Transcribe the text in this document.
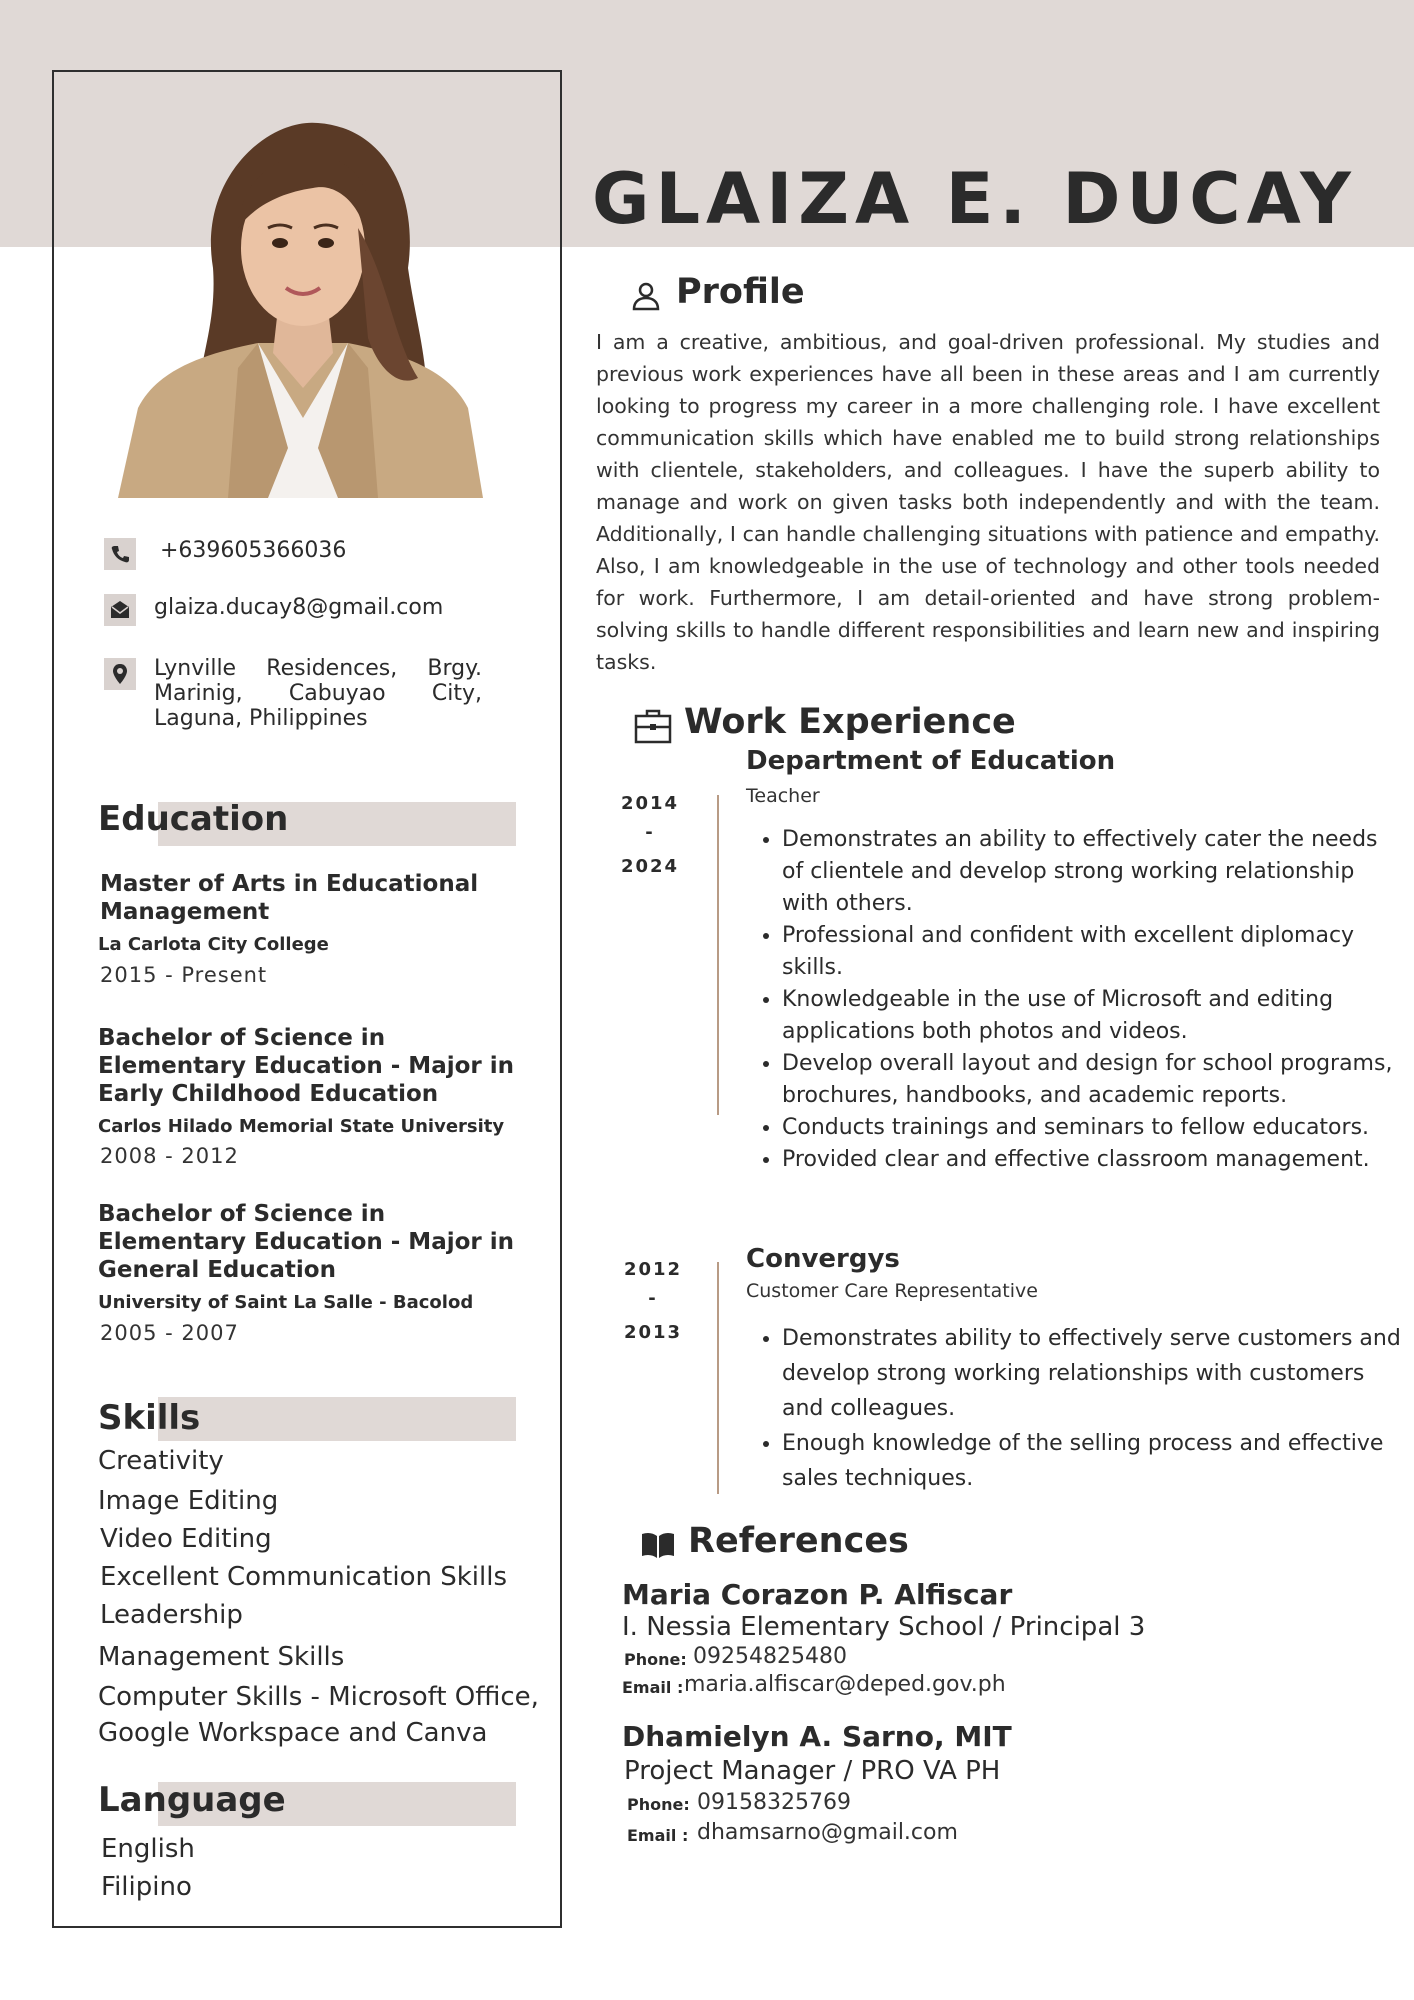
GLAIZA E. DUCAY
+639605366036
glaiza.ducay8@gmail.com
Lynville Residences, Brgy.
Marinig, Cabuyao City,
Laguna, Philippines
Education
Master of Arts in Educational Management
La Carlota City College
2015 - Present
Bachelor of Science in Elementary Education - Major in Early Childhood Education
Carlos Hilado Memorial State University
2008 - 2012
Bachelor of Science in Elementary Education - Major in General Education
University of Saint La Salle - Bacolod
2005 - 2007
Skills
Creativity
Image Editing
Video Editing
Excellent Communication Skills
Leadership
Management Skills
Computer Skills - Microsoft Office,
Google Workspace and Canva
Language
English
Filipino
Profile
I am a creative, ambitious, and goal-driven professional. My studies and previous work experiences have all been in these areas and I am currently looking to progress my career in a more challenging role. I have excellent communication skills which have enabled me to build strong relationships with clientele, stakeholders, and colleagues. I have the superb ability to manage and work on given tasks both independently and with the team. Additionally, I can handle challenging situations with patience and empathy. Also, I am knowledgeable in the use of technology and other tools needed for work. Furthermore, I am detail-oriented and have strong problem-solving skills to handle different responsibilities and learn new and inspiring tasks.
Work Experience
2014
-
2024
Department of Education
Teacher
• Demonstrates an ability to effectively cater the needs of clientele and develop strong working relationship with others.
• Professional and confident with excellent diplomacy skills.
• Knowledgeable in the use of Microsoft and editing applications both photos and videos.
• Develop overall layout and design for school programs, brochures, handbooks, and academic reports.
• Conducts trainings and seminars to fellow educators.
• Provided clear and effective classroom management.
2012
-
2013
Convergys
Customer Care Representative
• Demonstrates ability to effectively serve customers and develop strong working relationships with customers and colleagues.
• Enough knowledge of the selling process and effective sales techniques.
References
Maria Corazon P. Alfiscar
I. Nessia Elementary School / Principal 3
Phone: 09254825480
Email : maria.alfiscar@deped.gov.ph
Dhamielyn A. Sarno, MIT
Project Manager / PRO VA PH
Phone: 09158325769
Email : dhamsarno@gmail.com
